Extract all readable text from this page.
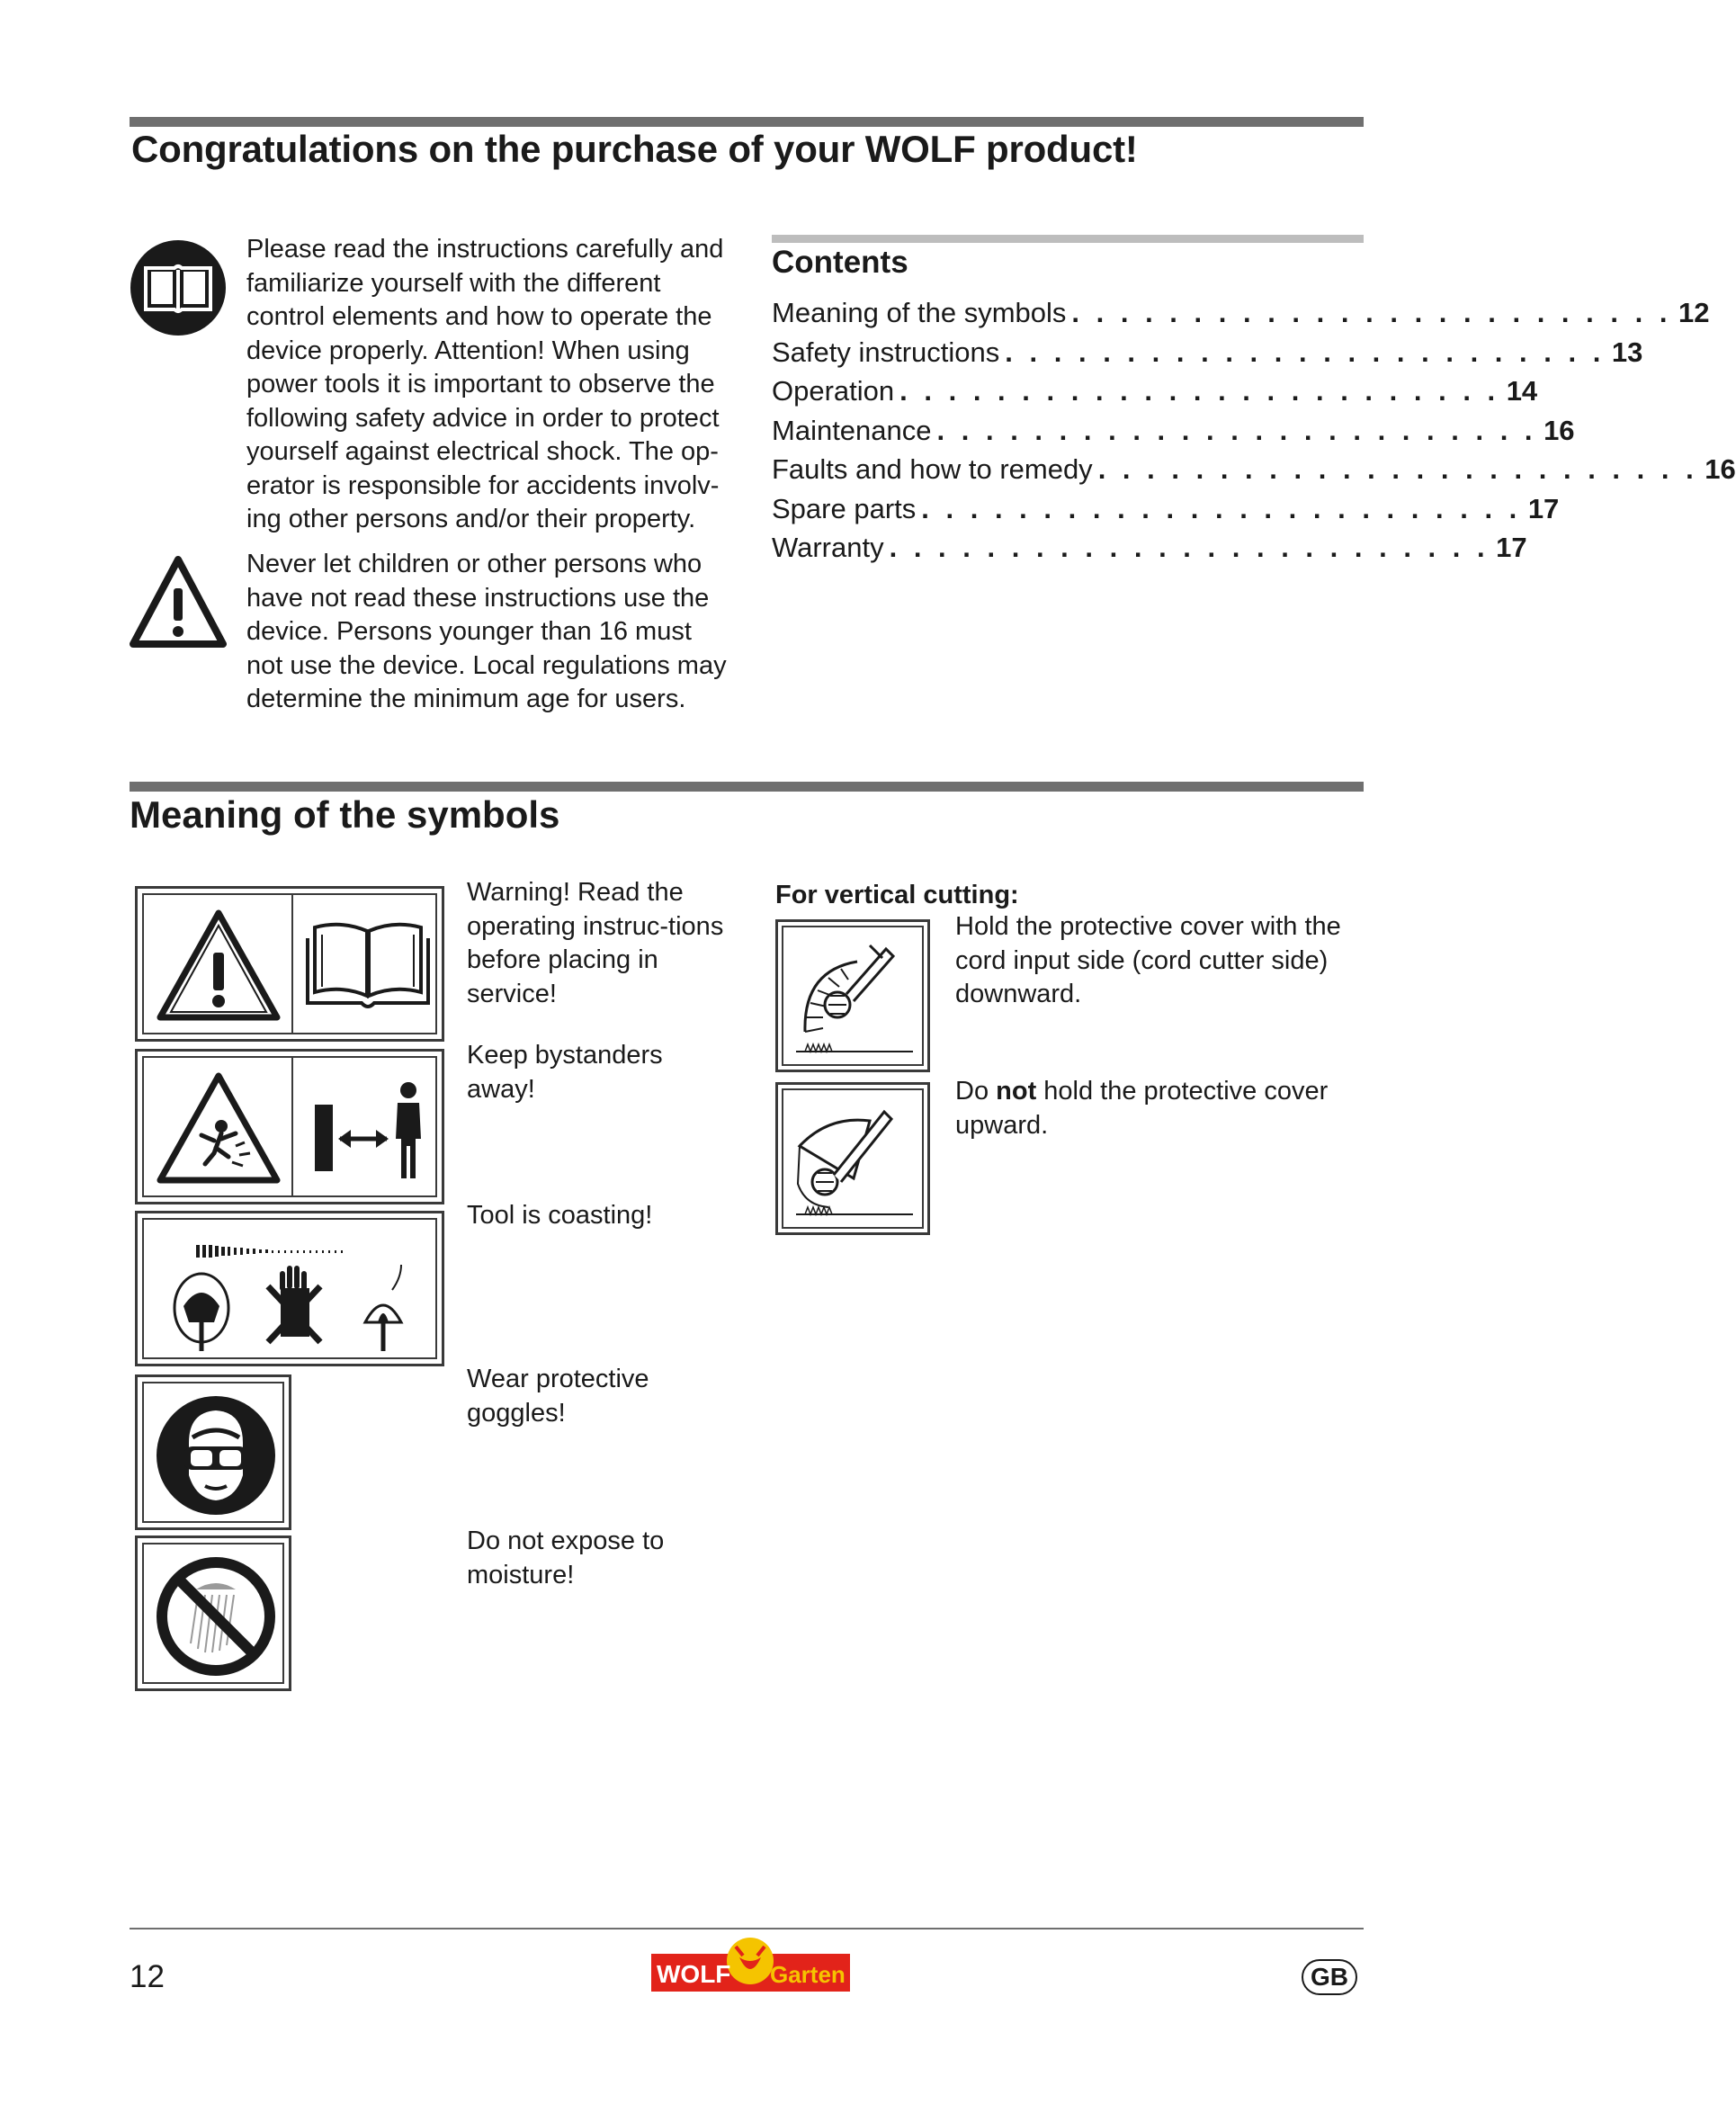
Congratulations on the purchase of your WOLF product!
Please read the instructions carefully and familiarize yourself with the different control elements and how to operate the device properly. Attention! When using power tools it is important to observe the following safety advice in order to protect yourself against electrical shock. The op-erator is responsible for accidents involv-ing other persons and/or their property.
Never let children or other persons who have not read these instructions use the device. Persons younger than 16 must not use the device. Local regulations may determine the minimum age for users.
Contents
Meaning of the symbols . . . . . . . . . . . . . . . . . . . . . . . . . 12
Safety instructions . . . . . . . . . . . . . . . . . . . . . . . . . 13
Operation . . . . . . . . . . . . . . . . . . . . . . . . . 14
Maintenance . . . . . . . . . . . . . . . . . . . . . . . . . 16
Faults and how to remedy . . . . . . . . . . . . . . . . . . . . . . . . . 16
Spare parts . . . . . . . . . . . . . . . . . . . . . . . . . 17
Warranty . . . . . . . . . . . . . . . . . . . . . . . . . 17
Meaning of the symbols
Warning! Read the operating instruc-tions before placing in service!
Keep bystanders away!
Tool is coasting!
Wear protective goggles!
Do not expose to moisture!
For vertical cutting:
Hold the protective cover with the cord input side (cord cutter side) downward.
Do not hold the protective cover upward.
12	WOLF Garten	GB
